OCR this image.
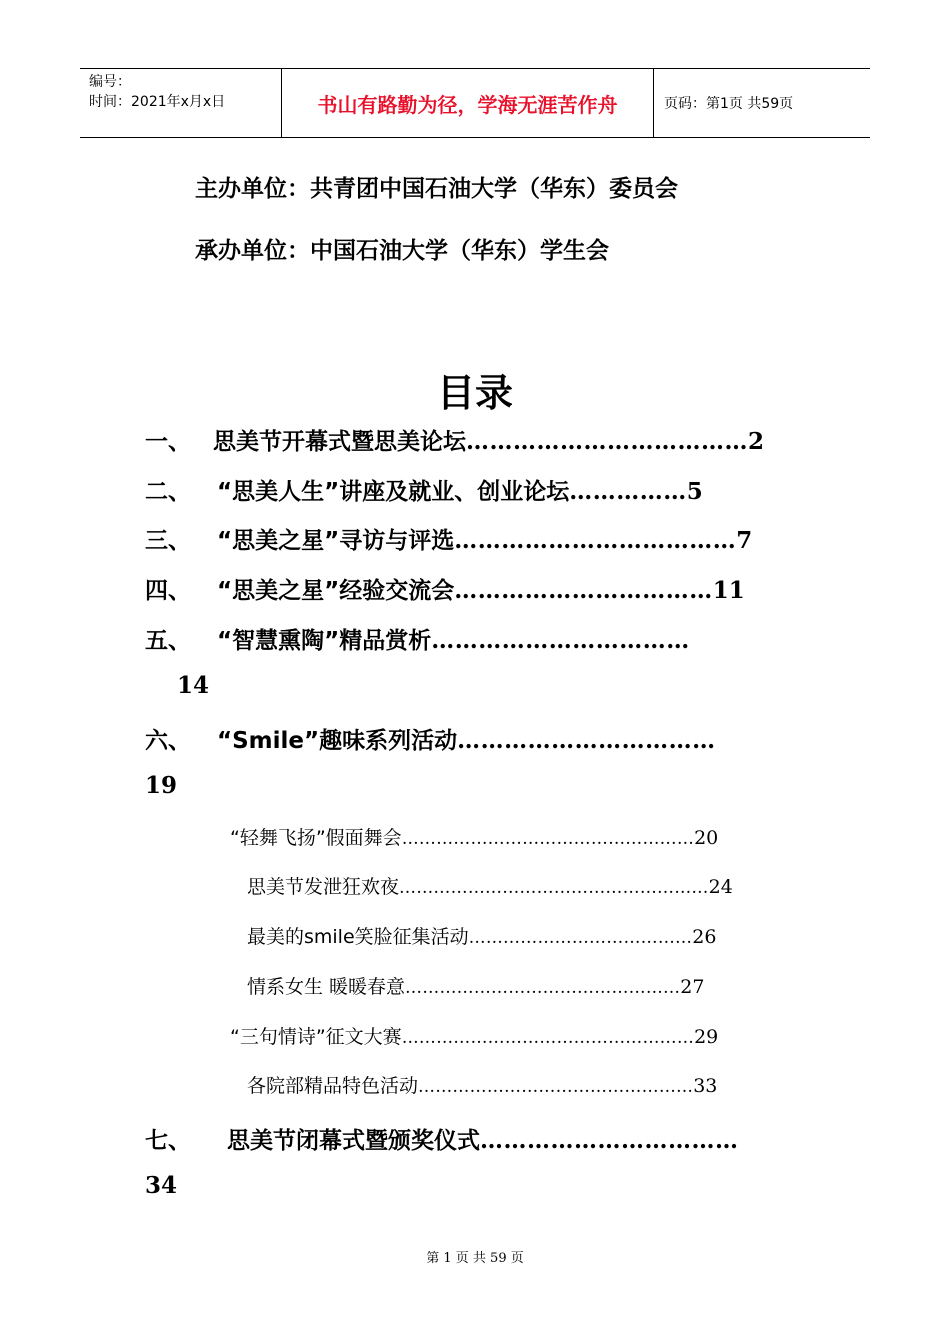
编号：
时间：2021年x月x日	书山有路勤为径，学海无涯苦作舟	页码：第1页 共59页
主办单位：共青团中国石油大学（华东）委员会
承办单位：中国石油大学（华东）学生会
目录
一、 思美节开幕式暨思美论坛 ……………………………… 2
二、	“思美人生”讲座及就业、创业论坛 …………… 5
三、	“思美之星”寻访与评选 ……………………………… 7
四、	“思美之星”经验交流会 …………………………… 11
五、	“智慧熏陶”精品赏析 ……………………………
14
六、	“Smile”趣味系列活动 ……………………………
19
“轻舞飞扬”假面舞会 …………………………………………… 20
思美节发泄狂欢夜 ……………………………………………… 24
最美的smile笑脸征集活动 ………………………………… 26
情系女生 暖暖春意 ………………………………………… 27
“三句情诗”征文大赛 …………………………………………… 29
各院部精品特色活动 ………………………………………… 33
七、	思美节闭幕式暨颁奖仪式 ……………………………
34
第 1 页 共 59 页
